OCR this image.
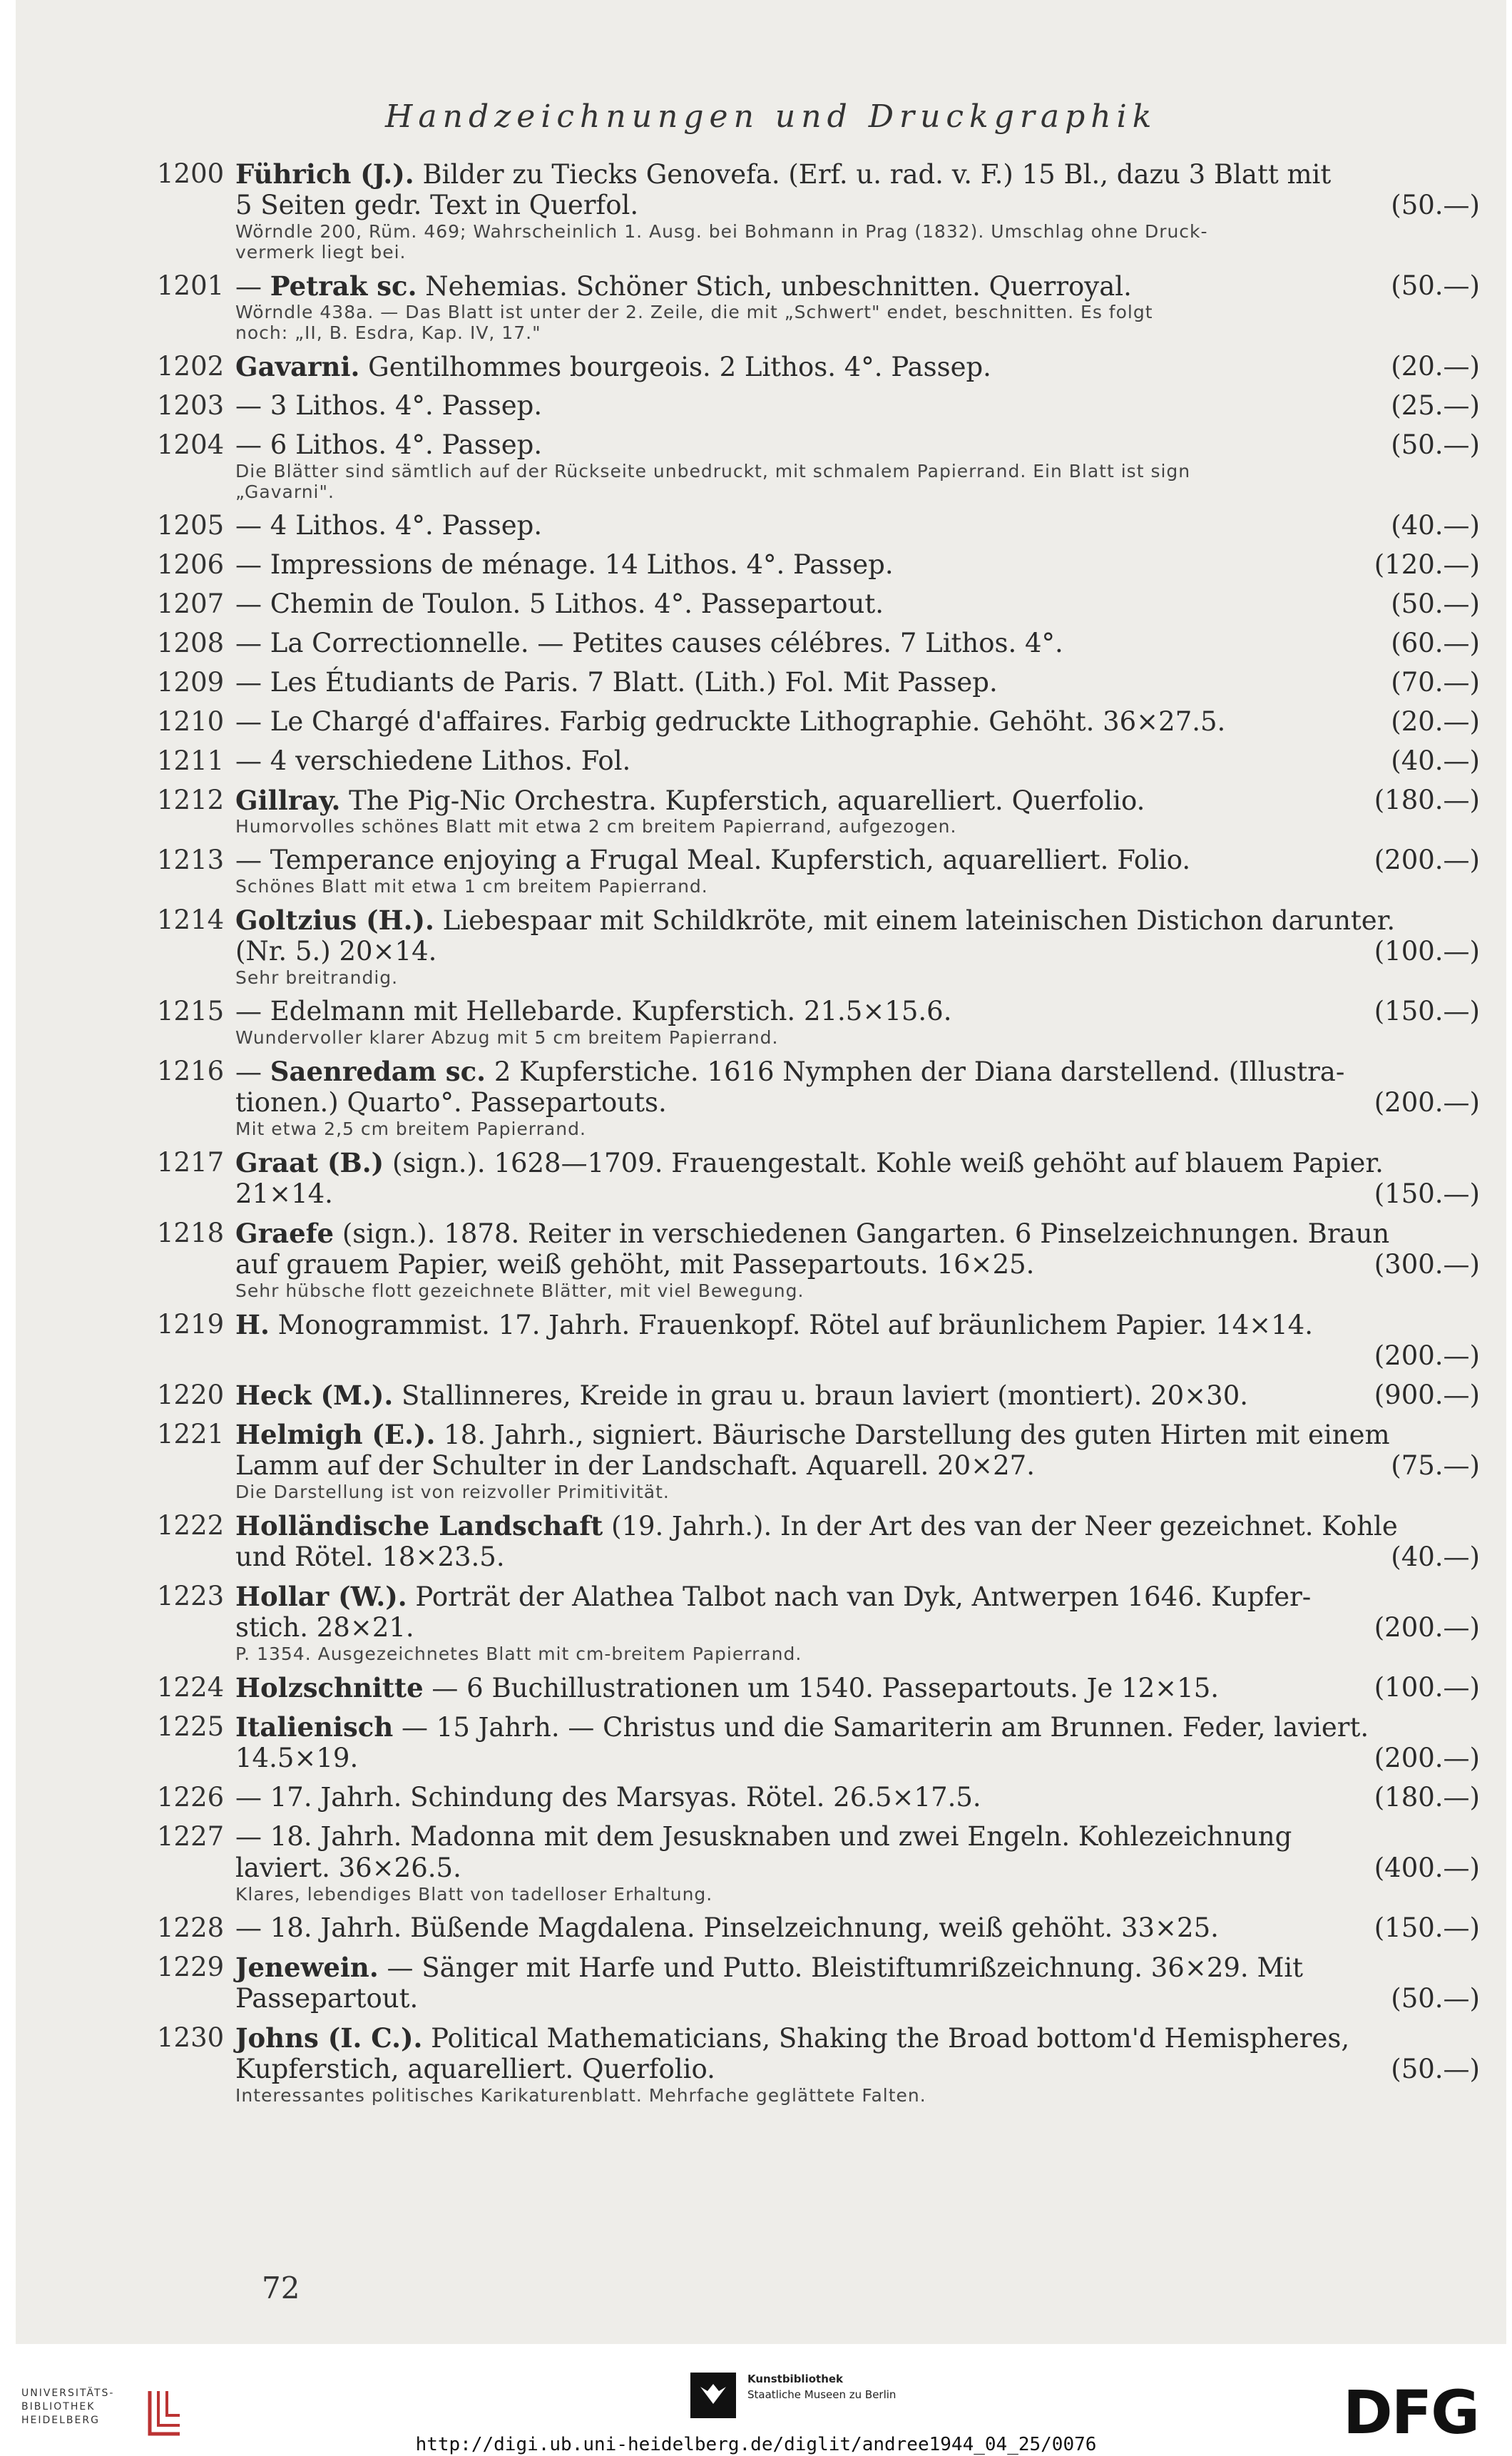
Handzeichnungen und Druckgraphik
1200 Führich (J.). Bilder zu Tiecks Genovefa. (Erf. u. rad. v. F.) 15 Bl., dazu 3 Blatt mit
5 Seiten gedr. Text in Querfol.	(50.—)
Wörndle 200, Rüm. 469; Wahrscheinlich 1. Ausg. bei Bohmann in Prag (1832). Umschlag ohne Druck-
vermerk liegt bei.
1201 — Petrak sc. Nehemias. Schöner Stich, unbeschnitten. Querroyal.	(50.—)
Wörndle 438a. — Das Blatt ist unter der 2. Zeile, die mit „Schwert" endet, beschnitten. Es folgt
noch: „II, B. Esdra, Kap. IV, 17."
1202 Gavarni. Gentilhommes bourgeois. 2 Lithos. 4°. Passep.	(20.—)
1203 — 3 Lithos. 4°. Passep.	(25.—)
1204 — 6 Lithos. 4°. Passep.	(50.—)
Die Blätter sind sämtlich auf der Rückseite unbedruckt, mit schmalem Papierrand. Ein Blatt ist sign
„Gavarni".
1205 — 4 Lithos. 4°. Passep.	(40.—)
1206 — Impressions de ménage. 14 Lithos. 4°. Passep.	(120.—)
1207 — Chemin de Toulon. 5 Lithos. 4°. Passepartout.	(50.—)
1208 — La Correctionnelle. — Petites causes célébres. 7 Lithos. 4°.	(60.—)
1209 — Les Étudiants de Paris. 7 Blatt. (Lith.) Fol. Mit Passep.	(70.—)
1210 — Le Chargé d'affaires. Farbig gedruckte Lithographie. Gehöht. 36×27.5.	(20.—)
1211 — 4 verschiedene Lithos. Fol.	(40.—)
1212 Gillray. The Pig-Nic Orchestra. Kupferstich, aquarelliert. Querfolio.	(180.—)
Humorvolles schönes Blatt mit etwa 2 cm breitem Papierrand, aufgezogen.
1213 — Temperance enjoying a Frugal Meal. Kupferstich, aquarelliert. Folio.	(200.—)
Schönes Blatt mit etwa 1 cm breitem Papierrand.
1214 Goltzius (H.). Liebespaar mit Schildkröte, mit einem lateinischen Distichon darunter.
(Nr. 5.) 20×14.	(100.—)
Sehr breitrandig.
1215 — Edelmann mit Hellebarde. Kupferstich. 21.5×15.6.	(150.—)
Wundervoller klarer Abzug mit 5 cm breitem Papierrand.
1216 — Saenredam sc. 2 Kupferstiche. 1616 Nymphen der Diana darstellend. (Illustra-
tionen.) Quarto°. Passepartouts.	(200.—)
Mit etwa 2,5 cm breitem Papierrand.
1217 Graat (B.) (sign.). 1628—1709. Frauengestalt. Kohle weiß gehöht auf blauem Papier.
21×14.	(150.—)
1218 Graefe (sign.). 1878. Reiter in verschiedenen Gangarten. 6 Pinselzeichnungen. Braun
auf grauem Papier, weiß gehöht, mit Passepartouts. 16×25.	(300.—)
Sehr hübsche flott gezeichnete Blätter, mit viel Bewegung.
1219 H. Monogrammist. 17. Jahrh. Frauenkopf. Rötel auf bräunlichem Papier. 14×14.
(200.—)
1220 Heck (M.). Stallinneres, Kreide in grau u. braun laviert (montiert). 20×30.	(900.—)
1221 Helmigh (E.). 18. Jahrh., signiert. Bäurische Darstellung des guten Hirten mit einem
Lamm auf der Schulter in der Landschaft. Aquarell. 20×27.	(75.—)
Die Darstellung ist von reizvoller Primitivität.
1222 Holländische Landschaft (19. Jahrh.). In der Art des van der Neer gezeichnet. Kohle
und Rötel. 18×23.5.	(40.—)
1223 Hollar (W.). Porträt der Alathea Talbot nach van Dyk, Antwerpen 1646. Kupfer-
stich. 28×21.	(200.—)
P. 1354. Ausgezeichnetes Blatt mit cm-breitem Papierrand.
1224 Holzschnitte — 6 Buchillustrationen um 1540. Passepartouts. Je 12×15.	(100.—)
1225 Italienisch — 15 Jahrh. — Christus und die Samariterin am Brunnen. Feder, laviert.
14.5×19.	(200.—)
1226 — 17. Jahrh. Schindung des Marsyas. Rötel. 26.5×17.5.	(180.—)
1227 — 18. Jahrh. Madonna mit dem Jesusknaben und zwei Engeln. Kohlezeichnung
laviert. 36×26.5.	(400.—)
Klares, lebendiges Blatt von tadelloser Erhaltung.
1228 — 18. Jahrh. Büßende Magdalena. Pinselzeichnung, weiß gehöht. 33×25.	(150.—)
1229 Jenewein. — Sänger mit Harfe und Putto. Bleistiftumrißzeichnung. 36×29. Mit
Passepartout.	(50.—)
1230 Johns (I. C.). Political Mathematicians, Shaking the Broad bottom'd Hemispheres,
Kupferstich, aquarelliert. Querfolio.	(50.—)
Interessantes politisches Karikaturenblatt. Mehrfache geglättete Falten.
72
UNIVERSITÄTS-
BIBLIOTHEK
HEIDELBERG
Kunstbibliothek
Staatliche Museen zu Berlin	DFG
http://digi.ub.uni-heidelberg.de/diglit/andree1944_04_25/0076
